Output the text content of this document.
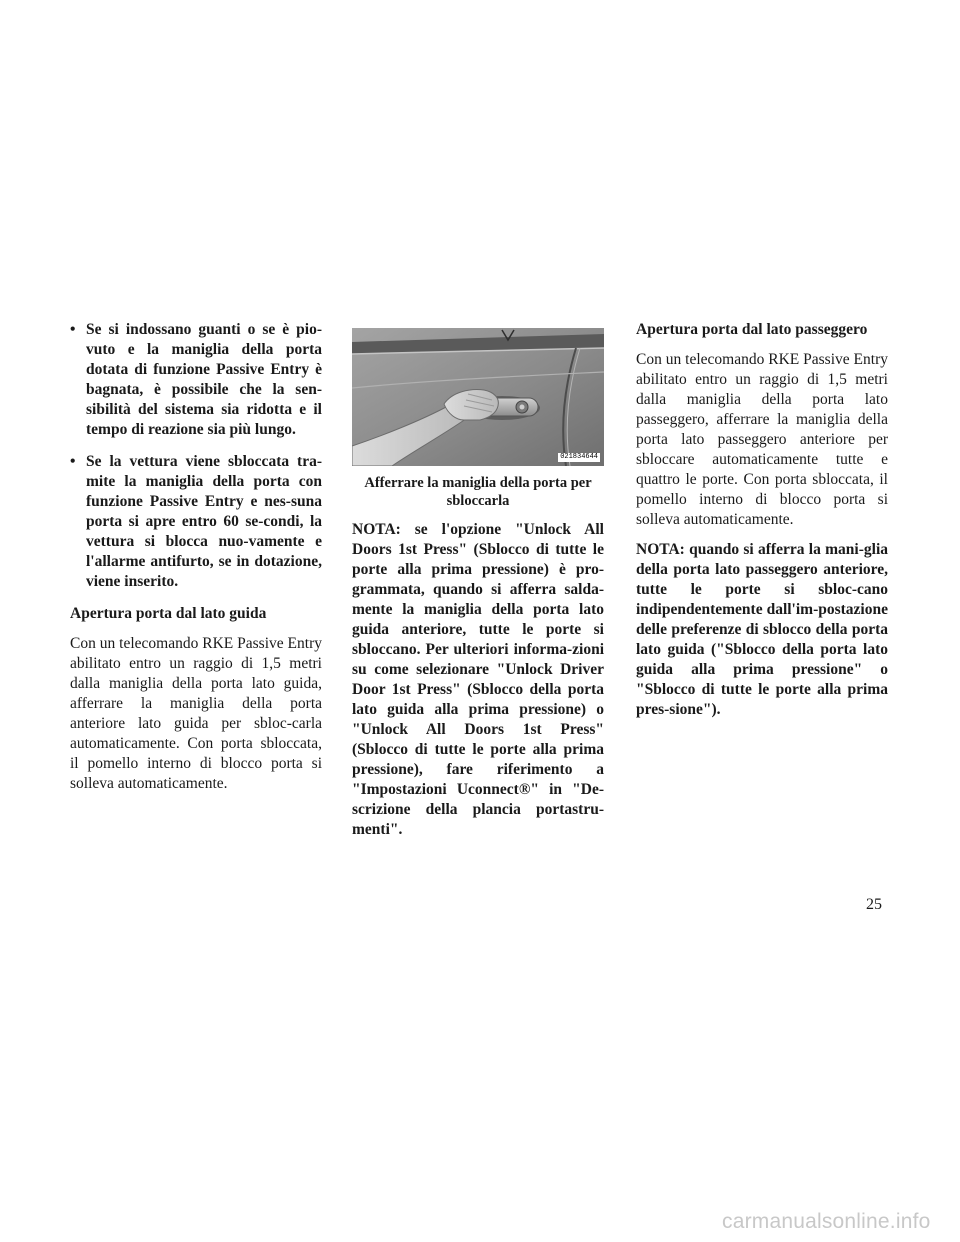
• Se si indossano guanti o se è pio-vuto e la maniglia della porta dotata di funzione Passive Entry è bagnata, è possibile che la sen-sibilità del sistema sia ridotta e il tempo di reazione sia più lungo.
• Se la vettura viene sbloccata tra-mite la maniglia della porta con funzione Passive Entry e nes-suna porta si apre entro 60 se-condi, la vettura si blocca nuo-vamente e l'allarme antifurto, se in dotazione, viene inserito.
Apertura porta dal lato guida
Con un telecomando RKE Passive Entry abilitato entro un raggio di 1,5 metri dalla maniglia della porta lato guida, afferrare la maniglia della porta anteriore lato guida per sbloc-carla automaticamente. Con porta sbloccata, il pomello interno di blocco porta si solleva automaticamente.
021834644
Afferrare la maniglia della porta per sbloccarla
NOTA: se l'opzione "Unlock All Doors 1st Press" (Sblocco di tutte le porte alla prima pressione) è pro-grammata, quando si afferra salda-mente la maniglia della porta lato guida anteriore, tutte le porte si sbloccano. Per ulteriori informa-zioni su come selezionare "Unlock Driver Door 1st Press" (Sblocco della porta lato guida alla prima pressione) o "Unlock All Doors 1st Press" (Sblocco di tutte le porte alla prima pressione), fare riferimento a "Impostazioni Uconnect®" in "De-scrizione della plancia portastru-menti".
Apertura porta dal lato passeggero
Con un telecomando RKE Passive Entry abilitato entro un raggio di 1,5 metri dalla maniglia della porta lato passeggero, afferrare la maniglia della porta lato passeggero anteriore per sbloccare automaticamente tutte e quattro le porte. Con porta sbloccata, il pomello interno di blocco porta si solleva automaticamente.
NOTA: quando si afferra la mani-glia della porta lato passeggero anteriore, tutte le porte si sbloc-cano indipendentemente dall'im-postazione delle preferenze di sblocco della porta lato guida ("Sblocco della porta lato guida alla prima pressione" o "Sblocco di tutte le porte alla prima pres-sione").
25
carmanualsonline.info
